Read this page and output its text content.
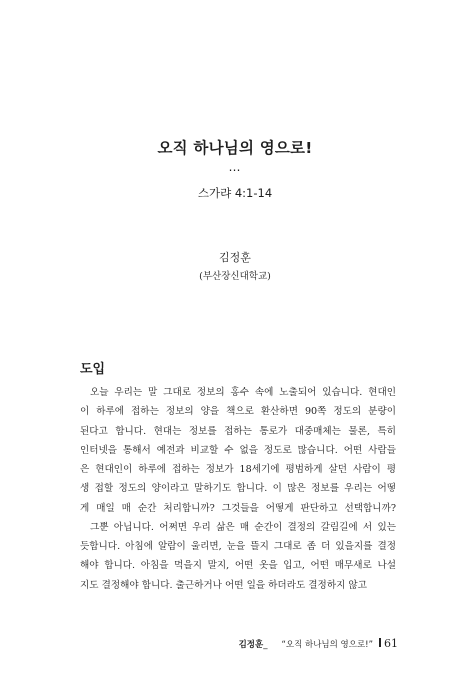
오직 하나님의 영으로!
…
스가랴 4:1-14
김정훈
(부산장신대학교)
도입
오늘 우리는 말 그대로 정보의 홍수 속에 노출되어 있습니다. 현대인
이 하루에 접하는 정보의 양을 책으로 환산하면 90쪽 정도의 분량이
된다고 합니다. 현대는 정보를 접하는 통로가 대중매체는 물론, 특히
인터넷을 통해서 예전과 비교할 수 없을 정도로 많습니다. 어떤 사람들
은 현대인이 하루에 접하는 정보가 18세기에 평범하게 살던 사람이 평
생 접할 정도의 양이라고 말하기도 합니다. 이 많은 정보를 우리는 어떻
게 매일 매 순간 처리합니까? 그것들을 어떻게 판단하고 선택합니까?
그뿐 아닙니다. 어쩌면 우리 삶은 매 순간이 결정의 갈림길에 서 있는
듯합니다. 아침에 알람이 울리면, 눈을 뜰지 그대로 좀 더 있을지를 결정
해야 합니다. 아침을 먹을지 말지, 어떤 옷을 입고, 어떤 매무새로 나설
지도 결정해야 합니다. 출근하거나 어떤 일을 하더라도 결정하지 않고
김정훈 _ “오직 하나님의 영으로!” 61
